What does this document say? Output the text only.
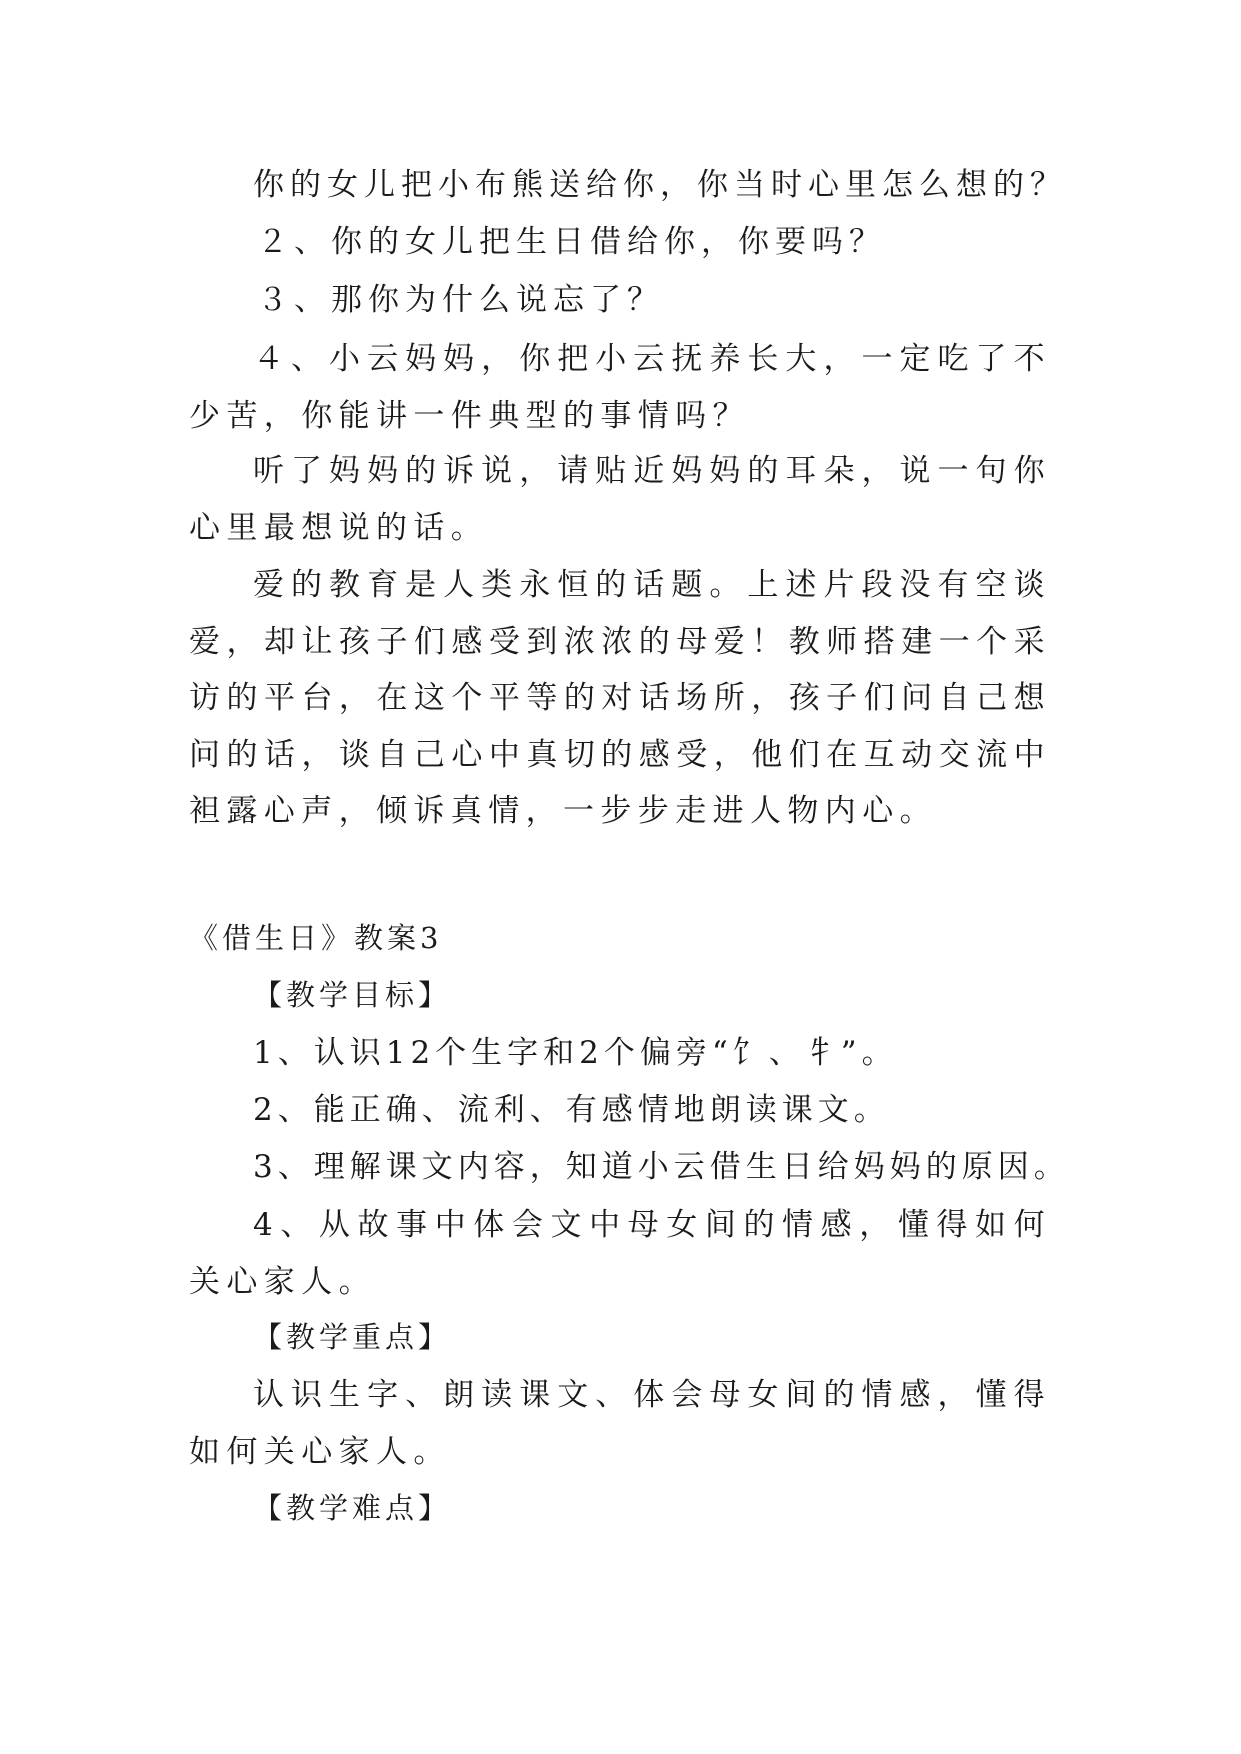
你的女儿把小布熊送给你，你当时心里怎么想的？
２、你的女儿把生日借给你，你要吗？
３、那你为什么说忘了？
４、小云妈妈，你把小云抚养长大，一定吃了不少苦，你能讲一件典型的事情吗？
听了妈妈的诉说，请贴近妈妈的耳朵，说一句你心里最想说的话。
爱的教育是人类永恒的话题。上述片段没有空谈爱，却让孩子们感受到浓浓的母爱！教师搭建一个采访的平台，在这个平等的对话场所，孩子们问自己想问的话，谈自己心中真切的感受，他们在互动交流中袒露心声，倾诉真情，一步步走进人物内心。
《借生日》教案3
【教学目标】
1、认识12个生字和2个偏旁“饣、牜”。
2、能正确、流利、有感情地朗读课文。
3、理解课文内容，知道小云借生日给妈妈的原因。
4、从故事中体会文中母女间的情感，懂得如何关心家人。
【教学重点】
认识生字、朗读课文、体会母女间的情感，懂得如何关心家人。
【教学难点】
